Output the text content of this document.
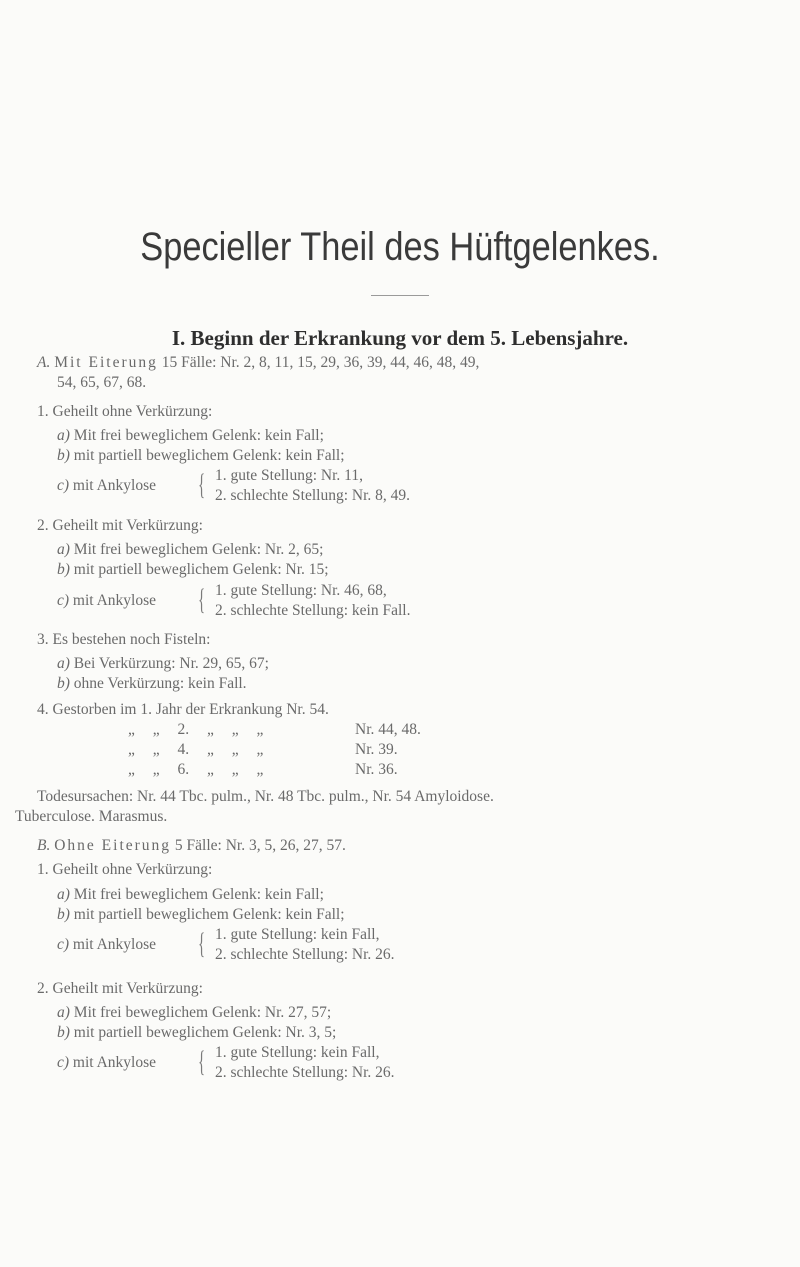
Specieller Theil des Hüftgelenkes.
I. Beginn der Erkrankung vor dem 5. Lebensjahre.
A. Mit Eiterung 15 Fälle: Nr. 2, 8, 11, 15, 29, 36, 39, 44, 46, 48, 49,
54, 65, 67, 68.
1. Geheilt ohne Verkürzung:
a) Mit frei beweglichem Gelenk: kein Fall;
b) mit partiell beweglichem Gelenk: kein Fall;
c) mit Ankylose	{ 1. gute Stellung: Nr. 11,
2. schlechte Stellung: Nr. 8, 49.
2. Geheilt mit Verkürzung:
a) Mit frei beweglichem Gelenk: Nr. 2, 65;
b) mit partiell beweglichem Gelenk: Nr. 15;
c) mit Ankylose	{ 1. gute Stellung: Nr. 46, 68,
2. schlechte Stellung: kein Fall.
3. Es bestehen noch Fisteln:
a) Bei Verkürzung: Nr. 29, 65, 67;
b) ohne Verkürzung: kein Fall.
4. Gestorben im 1. Jahr der Erkrankung Nr. 54.
„ „ 2. „ „ „	Nr. 44, 48.
„ „ 4. „ „ „	Nr. 39.
„ „ 6. „ „ „	Nr. 36.
Todesursachen: Nr. 44 Tbc. pulm., Nr. 48 Tbc. pulm., Nr. 54 Amyloidose.
Tuberculose. Marasmus.
B. Ohne Eiterung 5 Fälle: Nr. 3, 5, 26, 27, 57.
1. Geheilt ohne Verkürzung:
a) Mit frei beweglichem Gelenk: kein Fall;
b) mit partiell beweglichem Gelenk: kein Fall;
c) mit Ankylose	{ 1. gute Stellung: kein Fall,
2. schlechte Stellung: Nr. 26.
2. Geheilt mit Verkürzung:
a) Mit frei beweglichem Gelenk: Nr. 27, 57;
b) mit partiell beweglichem Gelenk: Nr. 3, 5;
c) mit Ankylose	{ 1. gute Stellung: kein Fall,
2. schlechte Stellung: Nr. 26.
